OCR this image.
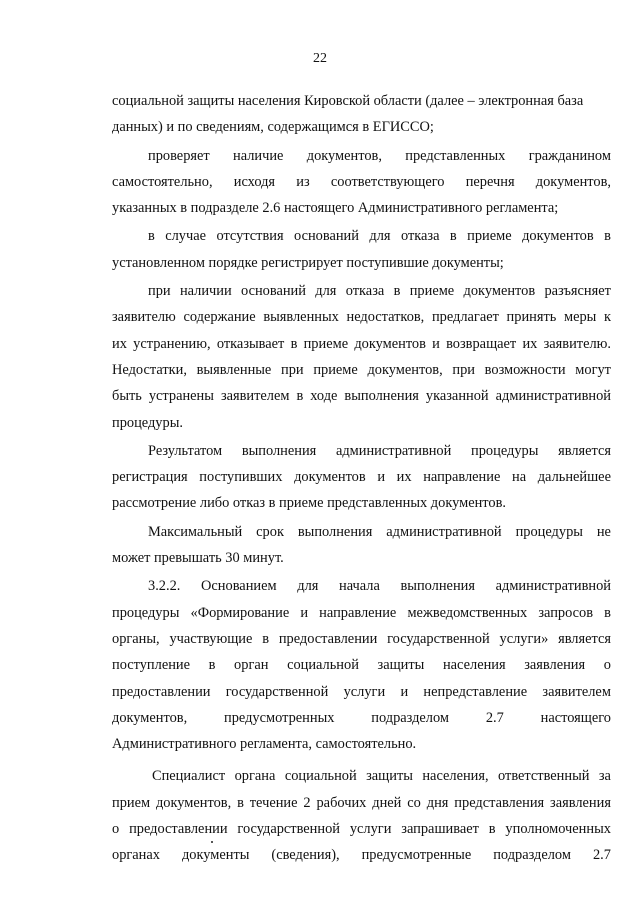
22
социальной защиты населения Кировской области (далее – электронная база
данных) и по сведениям, содержащимся в ЕГИССО;
проверяет наличие документов, представленных гражданином
самостоятельно, исходя из соответствующего перечня документов,
указанных в подразделе 2.6 настоящего Административного регламента;
в случае отсутствия оснований для отказа в приеме документов в
установленном порядке регистрирует поступившие документы;
при наличии оснований для отказа в приеме документов разъясняет
заявителю содержание выявленных недостатков, предлагает принять меры к
их устранению, отказывает в приеме документов и возвращает их заявителю.
Недостатки, выявленные при приеме документов, при возможности могут
быть устранены заявителем в ходе выполнения указанной административной
процедуры.
Результатом выполнения административной процедуры является
регистрация поступивших документов и их направление на дальнейшее
рассмотрение либо отказ в приеме представленных документов.
Максимальный срок выполнения административной процедуры не
может превышать 30 минут.
3.2.2. Основанием для начала выполнения административной
процедуры «Формирование и направление межведомственных запросов в
органы, участвующие в предоставлении государственной услуги» является
поступление в орган социальной защиты населения заявления о
предоставлении государственной услуги и непредставление заявителем
документов,	предусмотренных	подразделом	2.7	настоящего
Административного регламента, самостоятельно.
Специалист органа социальной защиты населения, ответственный за
прием документов, в течение 2 рабочих дней со дня представления заявления
о предоставлении государственной услуги запрашивает в уполномоченных
органах документы (сведения), предусмотренные подразделом 2.7
